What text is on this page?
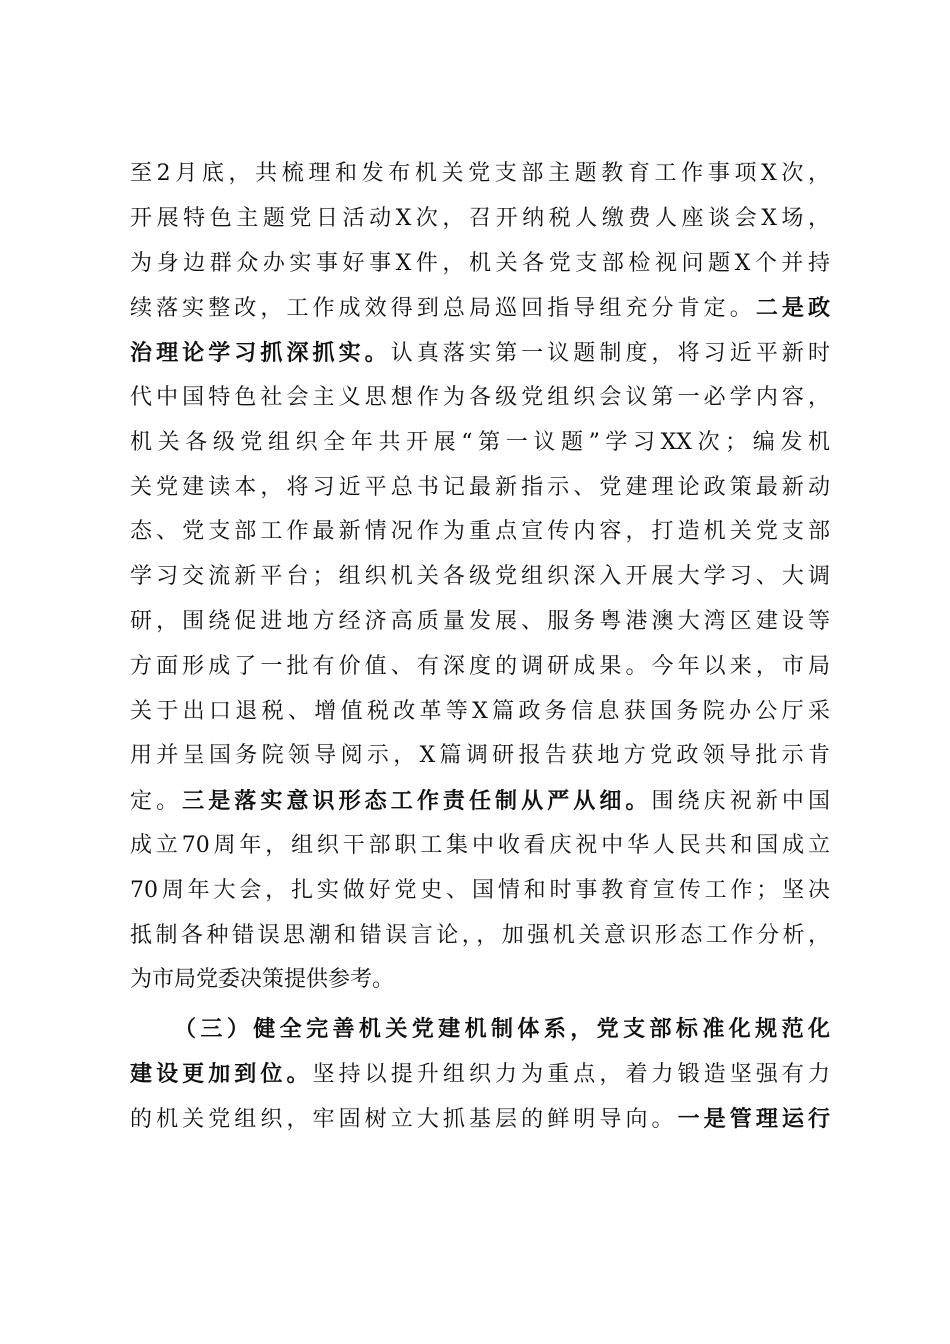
至2月底，共梳理和发布机关党支部主题教育工作事项X次，
开展特色主题党日活动X次，召开纳税人缴费人座谈会X场，
为身边群众办实事好事X件，机关各党支部检视问题X个并持
续落实整改，工作成效得到总局巡回指导组充分肯定。二是政
治理论学习抓深抓实。认真落实第一议题制度，将习近平新时
代中国特色社会主义思想作为各级党组织会议第一必学内容，
机关各级党组织全年共开展“第一议题”学习XX次；编发机
关党建读本，将习近平总书记最新指示、党建理论政策最新动
态、党支部工作最新情况作为重点宣传内容，打造机关党支部
学习交流新平台；组织机关各级党组织深入开展大学习、大调
研，围绕促进地方经济高质量发展、服务粤港澳大湾区建设等
方面形成了一批有价值、有深度的调研成果。今年以来，市局
关于出口退税、增值税改革等X篇政务信息获国务院办公厅采
用并呈国务院领导阅示，X篇调研报告获地方党政领导批示肯
定。三是落实意识形态工作责任制从严从细。围绕庆祝新中国
成立70周年，组织干部职工集中收看庆祝中华人民共和国成立
70周年大会，扎实做好党史、国情和时事教育宣传工作；坚决
抵制各种错误思潮和错误言论，，加强机关意识形态工作分析，
为市局党委决策提供参考。
（三）健全完善机关党建机制体系，党支部标准化规范化
建设更加到位。坚持以提升组织力为重点，着力锻造坚强有力
的机关党组织，牢固树立大抓基层的鲜明导向。一是管理运行
